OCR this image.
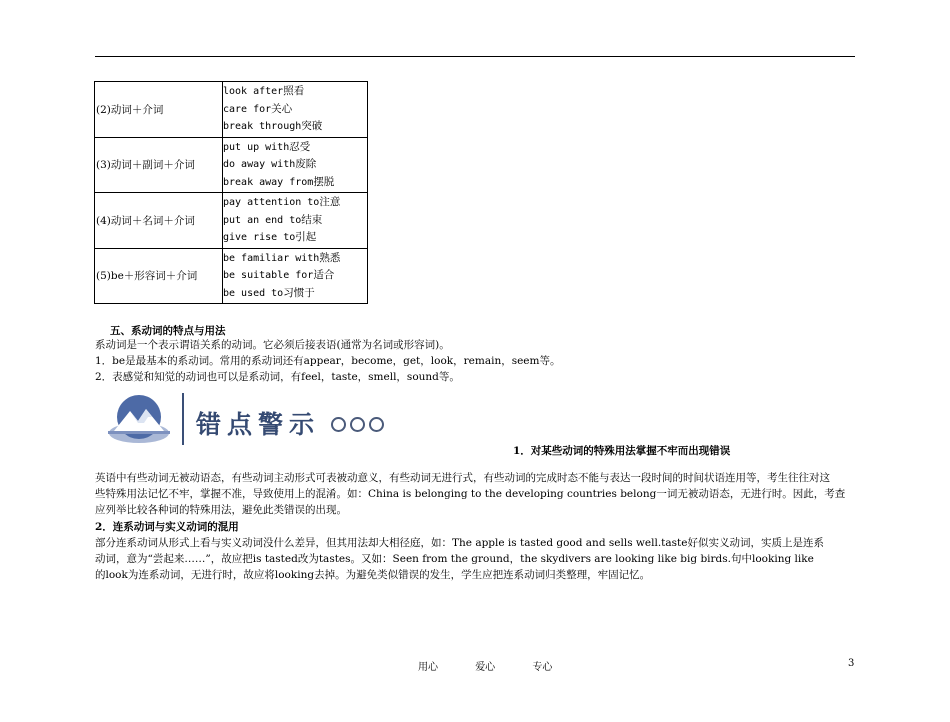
(2)动词＋介词	look after照看
care for关心
break through突破

(3)动词＋副词＋介词	put up with忍受
do away with废除
break away from摆脱

(4)动词＋名词＋介词	pay attention to注意
put an end to结束
give rise to引起

(5)be＋形容词＋介词	be familiar with熟悉
be suitable for适合
be used to习惯于
五、系动词的特点与用法
系动词是一个表示谓语关系的动词。它必须后接表语(通常为名词或形容词)。
1．be是最基本的系动词。常用的系动词还有appear，become，get，look，remain，seem等。
2．表感觉和知觉的动词也可以是系动词，有feel，taste，smell，sound等。
错点警示
1．对某些动词的特殊用法掌握不牢而出现错误
英语中有些动词无被动语态，有些动词主动形式可表被动意义，有些动词无进行式，有些动词的完成时态不能与表达一段时间的时间状语连用等，考生往往对这
些特殊用法记忆不牢，掌握不准，导致使用上的混淆。如：China is belonging to the developing countries belong一词无被动语态，无进行时。因此，考查
应列举比较各种词的特殊用法，避免此类错误的出现。
2．连系动词与实义动词的混用
部分连系动词从形式上看与实义动词没什么差异，但其用法却大相径庭，如：The apple is tasted good and sells well.taste好似实义动词，实质上是连系
动词，意为“尝起来……”，故应把is tasted改为tastes。又如：Seen from the ground，the skydivers are looking like big birds.句中looking like
的look为连系动词，无进行时，故应将looking去掉。为避免类似错误的发生，学生应把连系动词归类整理，牢固记忆。
用心	爱心	专心	3
